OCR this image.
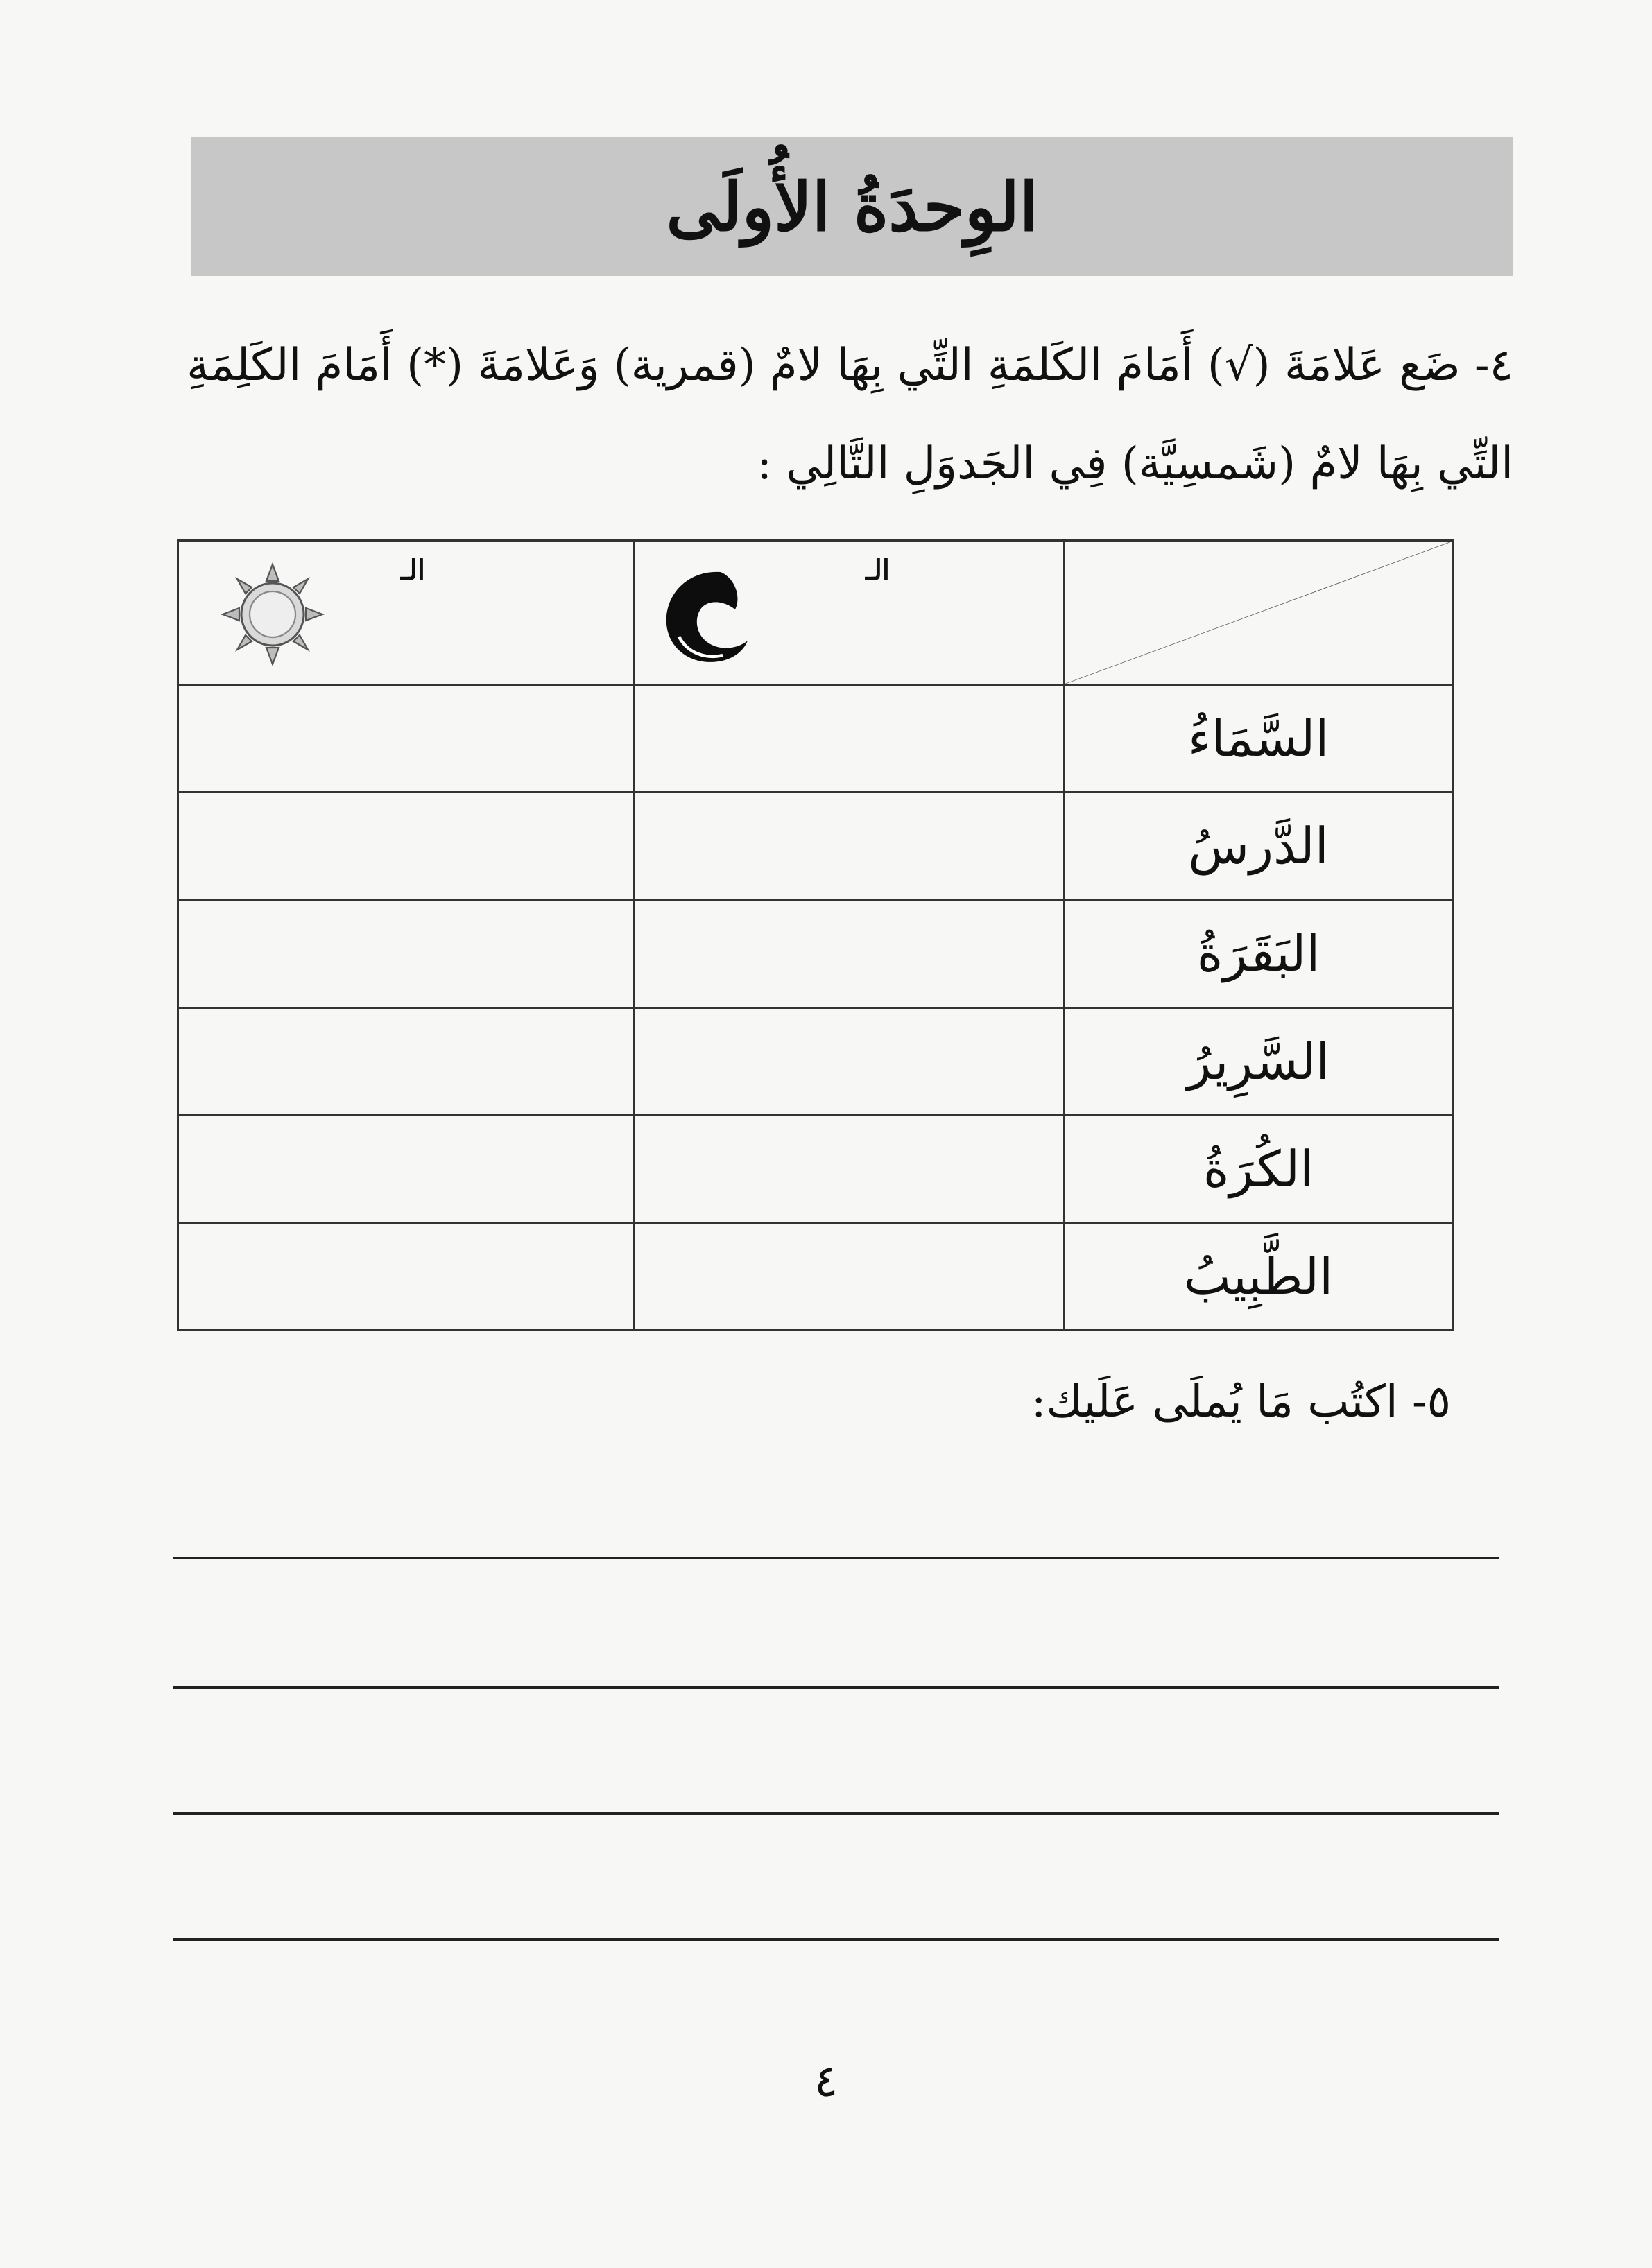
الوِحدَةُ الأُولَى
٤- ضَع عَلامَةَ (√) أَمَامَ الكَلمَةِ التِّي بِهَا لامٌ (قمرية) وَعَلامَةَ (*) أَمَامَ الكَلِمَةِ
التِّي بِهَا لامٌ (شَمسِيَّة) فِي الجَدوَلِ التَّالِي :

الـ	الـ

السَّمَاءُ		
الدَّرسُ		
البَقَرَةُ		
السَّرِيرُ		
الكُرَةُ		
الطَّبِيبُ		
٥- اكتُب مَا يُملَى عَلَيك:
٤
